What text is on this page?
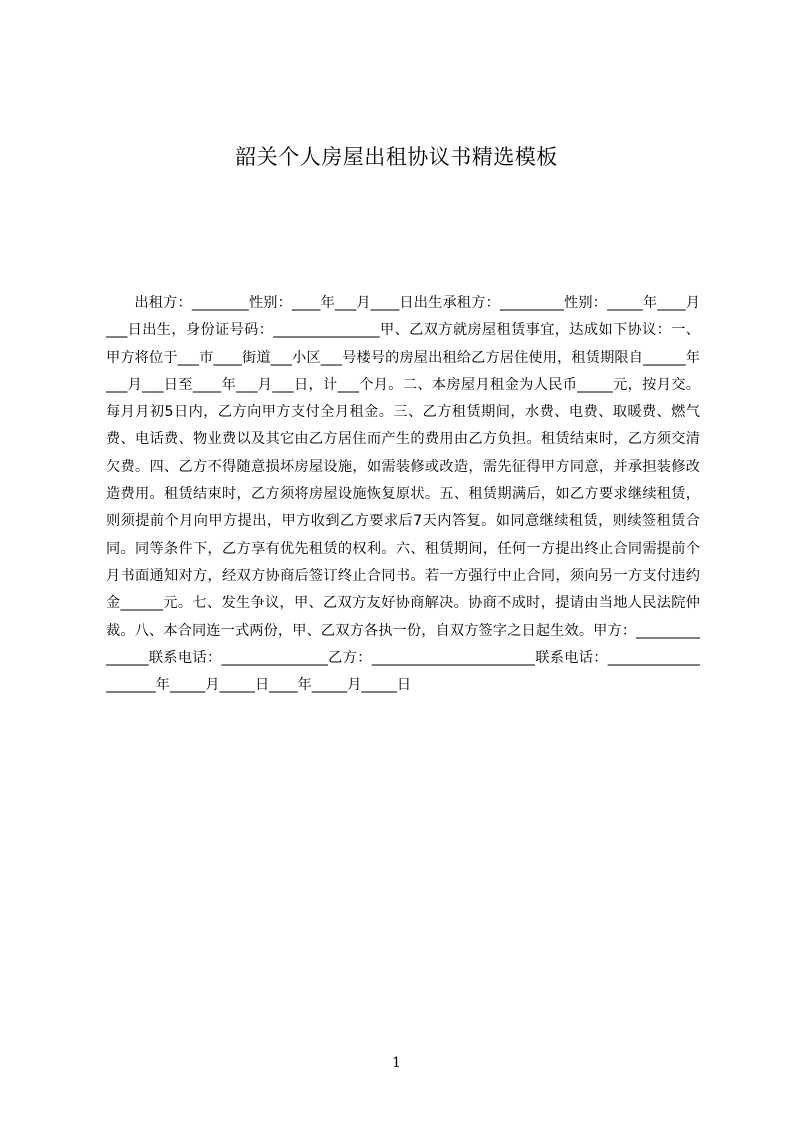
韶关个人房屋出租协议书精选模板

出租方：________性别：____年___月____日出生承租方：_________性别：_____年____月___日出生，身份证号码：_______________甲、乙双方就房屋租赁事宜，达成如下协议：一、甲方将位于___市____街道___小区___号楼号的房屋出租给乙方居住使用，租赁期限自______年___月___日至____年___月___日，计___个月。二、本房屋月租金为人民币_____元，按月交。每月月初5日内，乙方向甲方支付全月租金。三、乙方租赁期间，水费、电费、取暖费、燃气费、电话费、物业费以及其它由乙方居住而产生的费用由乙方负担。租赁结束时，乙方须交清欠费。四、乙方不得随意损坏房屋设施，如需装修或改造，需先征得甲方同意，并承担装修改造费用。租赁结束时，乙方须将房屋设施恢复原状。五、租赁期满后，如乙方要求继续租赁，则须提前个月向甲方提出，甲方收到乙方要求后7天内答复。如同意继续租赁，则续签租赁合同。同等条件下，乙方享有优先租赁的权利。六、租赁期间，任何一方提出终止合同需提前个月书面通知对方，经双方协商后签订终止合同书。若一方强行中止合同，须向另一方支付违约金______元。七、发生争议，甲、乙双方友好协商解决。协商不成时，提请由当地人民法院仲裁。八、本合同连一式两份，甲、乙双方各执一份，自双方签字之日起生效。甲方：_______________联系电话：_______________乙方：_______________________联系电话：____________________年_____月_____日____年_____月_____日

1
